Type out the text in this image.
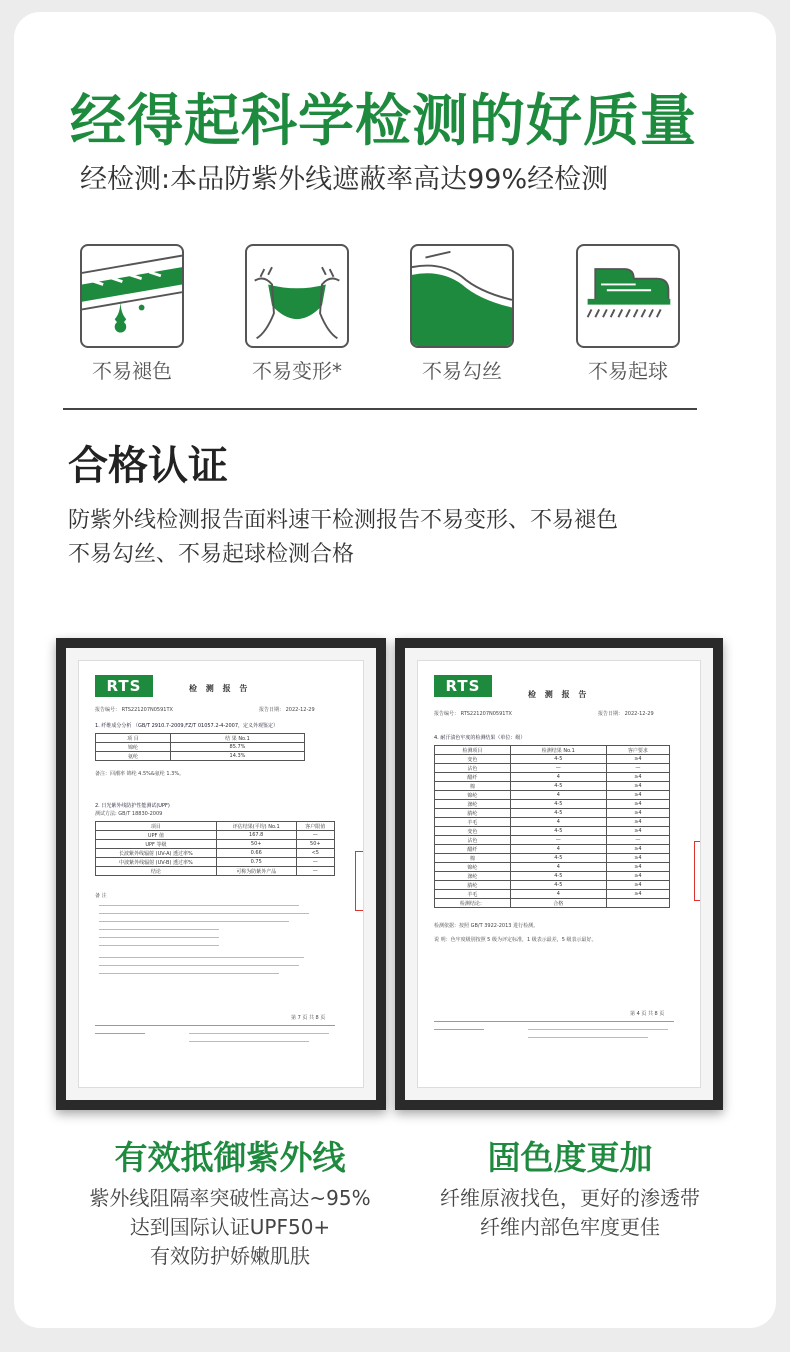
经得起科学检测的好质量
经检测:本品防紫外线遮蔽率高达99%经检测
不易褪色	不易变形*	不易勾丝	不易起球
合格认证
防紫外线检测报告面料速干检测报告不易变形、不易褪色
不易勾丝、不易起球检测合格
RTS	检 测 报 告
报告编号： RTS221207N0591TX	报告日期： 2022-12-29
1. 纤维成分分析 （GB/T 2910.7-2009,FZ/T 01057.2-4-2007，定义外观鉴定）
项 目	结 果 No.1
锦纶	85.7%
氨纶	14.3%
备注：回潮率 锦纶 4.5%&氨纶 1.3%。
2. 日光紫外线防护性能测试(UPF)
测试方法: GB/T 18830-2009
项目	评估结果(平均) No.1	客户限值
UPF 值	167.8	—
UPF 等级	50+	50+
长波紫外线辐射 (UV-A) 透过率%	0.66	<5
中波紫外线辐射 (UV-B) 透过率%	0.75	—
结论	可称为防紫外产品	—
备 注
第 7 页 共 8 页
RTS	检 测 报 告
报告编号： RTS221207N0591TX	报告日期： 2022-12-29
4. 耐汗渍色牢度的检测结果（单位：级）
检测项目	检测结果 No.1	客户要求
变色	4-5	≥4
沾色	—	—
醋纤	4	≥4
棉	4-5	≥4
锦纶	4	≥4
涤纶	4-5	≥4
腈纶	4-5	≥4
羊毛	4	≥4
变色	4-5	≥4
沾色	—	—
醋纤	4	≥4
棉	4-5	≥4
锦纶	4	≥4
涤纶	4-5	≥4
腈纶	4-5	≥4
羊毛	4	≥4
检测结论：	合格	
检测依据：按照 GB/T 3922-2013 进行检测。
说 明：色牢度级别按照 5 级为评定标准，1 级表示最差，5 级表示最好。
第 4 页 共 8 页
有效抵御紫外线
紫外线阻隔率突破性高达~95%
达到国际认证UPF50+
有效防护娇嫩肌肤
固色度更加
纤维原液找色，更好的渗透带
纤维内部色牢度更佳
